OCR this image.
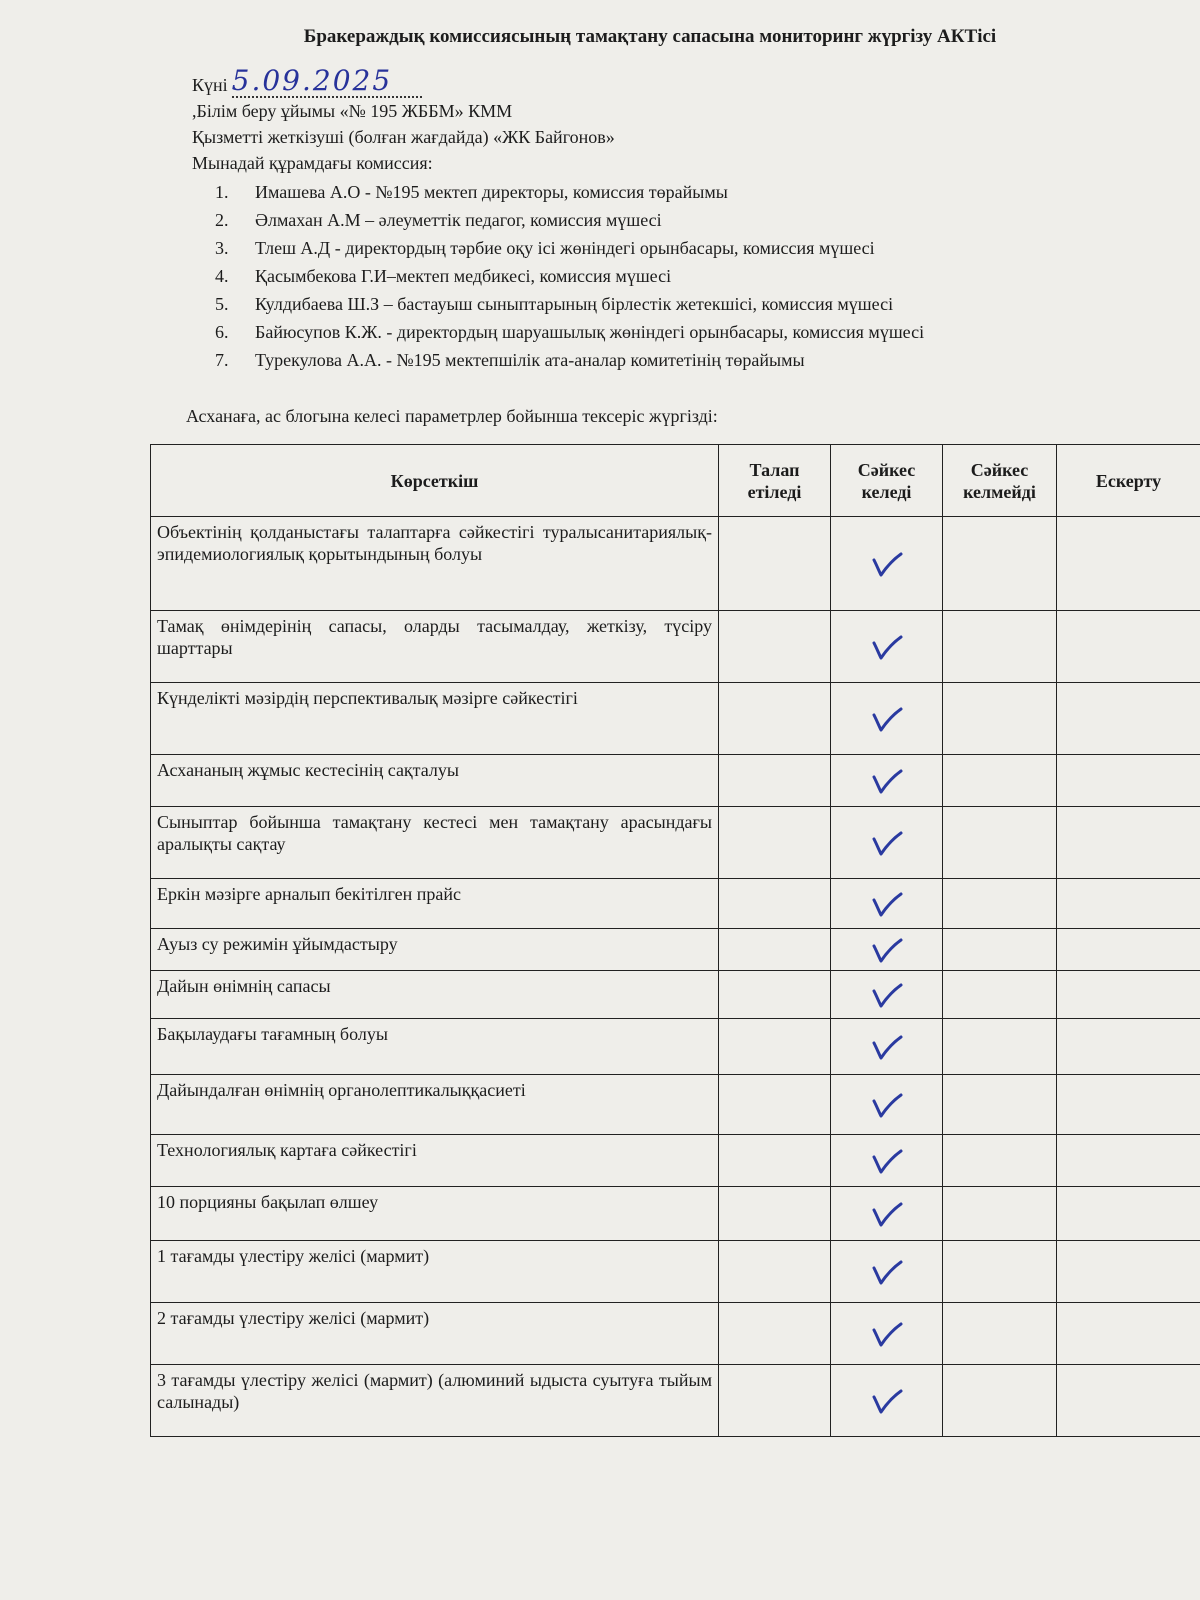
Бракераждық комиссиясының тамақтану сапасына мониторинг жүргізу АКТісі
Күні 5.09.2025
,Білім беру ұйымы «№ 195 ЖББМ» КММ
Қызметті жеткізуші (болған жағдайда) «ЖК Байгонов»
Мынадай құрамдағы комиссия:
1.	Имашева А.О - №195 мектеп директоры, комиссия төрайымы
2.	Әлмахан А.М – әлеуметтік педагог, комиссия мүшесі
3.	Тлеш А.Д - директордың тәрбие оқу ісі жөніндегі орынбасары, комиссия мүшесі
4.	Қасымбекова Г.И–мектеп медбикесі, комиссия мүшесі
5.	Кулдибаева Ш.З – бастауыш сыныптарының бірлестік жетекшісі, комиссия мүшесі
6.	Байюсупов К.Ж. - директордың шаруашылық жөніндегі орынбасары, комиссия мүшесі
7.	Турекулова А.А. - №195 мектепшілік ата-аналар комитетінің төрайымы
Асханаға, ас блогына келесі параметрлер бойынша тексеріс жүргізді:
Көрсеткіш	Талап етіледі	Сәйкес келеді	Сәйкес келмейді	Ескерту
Объектінің қолданыстағы талаптарға сәйкестігі туралысанитариялық-эпидемиологиялық қорытындының болуы				
Тамақ өнімдерінің сапасы, оларды тасымалдау, жеткізу, түсіру шарттары				
Күнделікті мәзірдің перспективалық мәзірге сәйкестігі				
Асхананың жұмыс кестесінің сақталуы				
Сыныптар бойынша тамақтану кестесі мен тамақтану арасындағы аралықты сақтау				
Еркін мәзірге арналып бекітілген прайс				
Ауыз су режимін ұйымдастыру				
Дайын өнімнің сапасы				
Бақылаудағы тағамның болуы				
Дайындалған өнімнің органолептикалыққасиеті				
Технологиялық картаға сәйкестігі				
10 порцияны бақылап өлшеу				
1 тағамды үлестіру желісі (мармит)				
2 тағамды үлестіру желісі (мармит)				
3 тағамды үлестіру желісі (мармит) (алюминий ыдыста суытуға тыйым салынады)				
